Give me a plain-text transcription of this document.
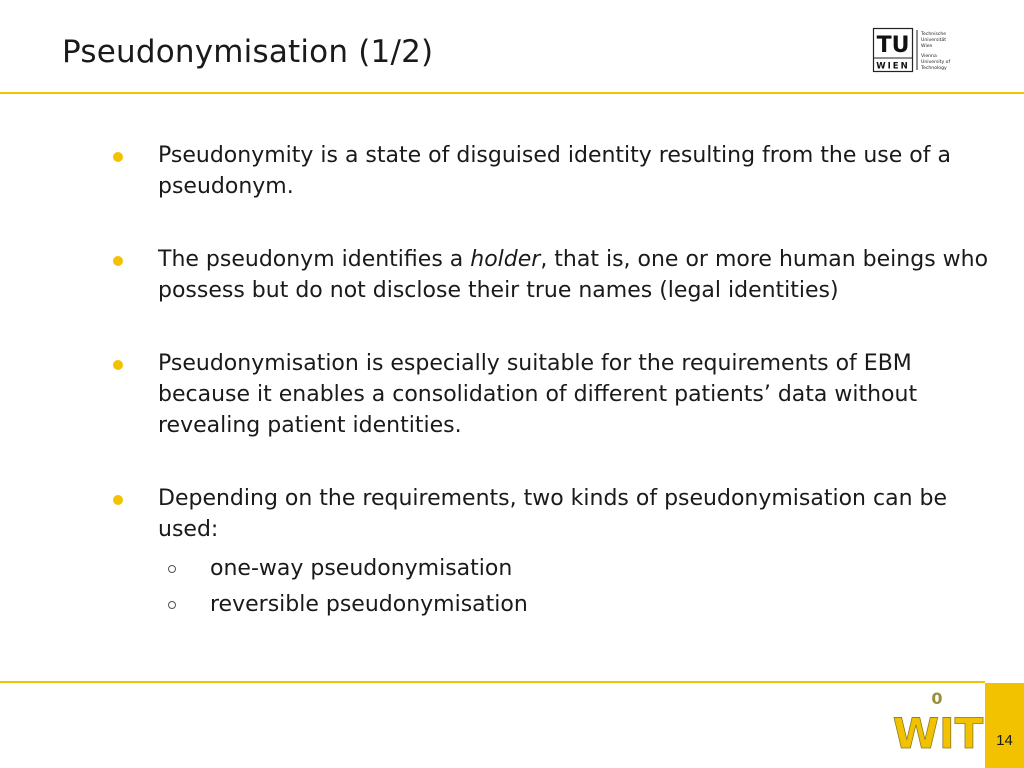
Pseudonymisation (1/2)	TU
WIEN
Technische
Universität
Wien
Vienna
University of
Technology
Pseudonymity is a state of disguised identity resulting from the use of a pseudonym.
The pseudonym identifies a holder, that is, one or more human beings who possess but do not disclose their true names (legal identities)
Pseudonymisation is especially suitable for the requirements of EBM because it enables a consolidation of different patients’ data without revealing patient identities.
Depending on the requirements, two kinds of pseudonymisation can be used:
one-way pseudonymisation
reversible pseudonymisation
0
WIT 14
